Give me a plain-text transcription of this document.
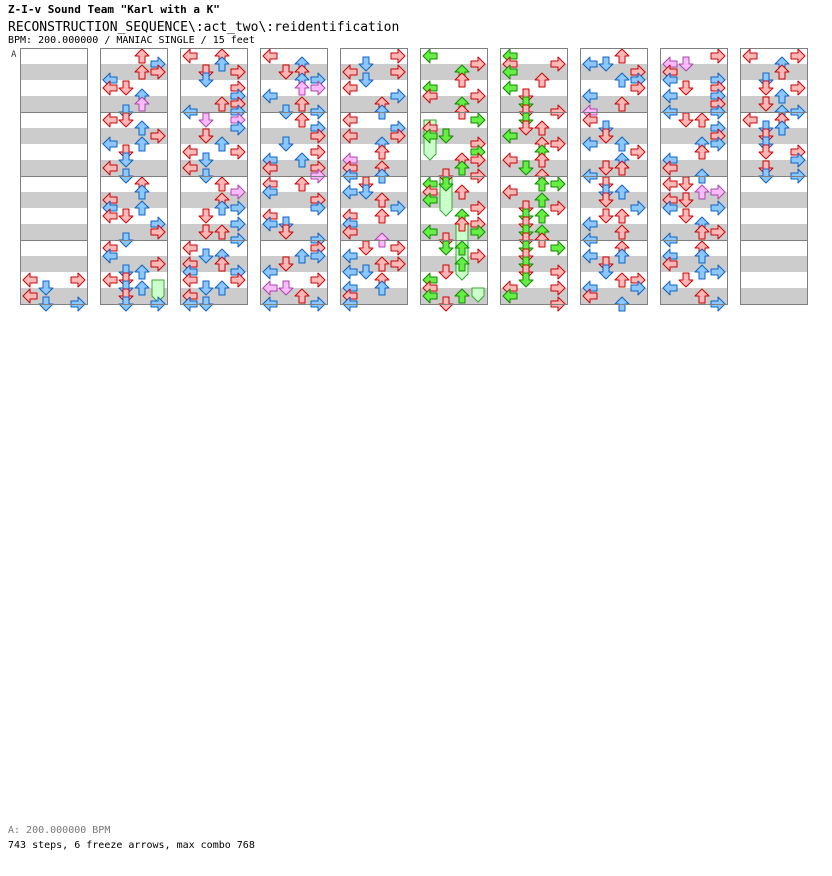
Z-I-v Sound Team "Karl with a K"
RECONSTRUCTION_SEQUENCE\:act_two\:reidentification
BPM: 200.000000 / MANIAC SINGLE / 15 feet
A
A: 200.000000 BPM
743 steps, 6 freeze arrows, max combo 768
